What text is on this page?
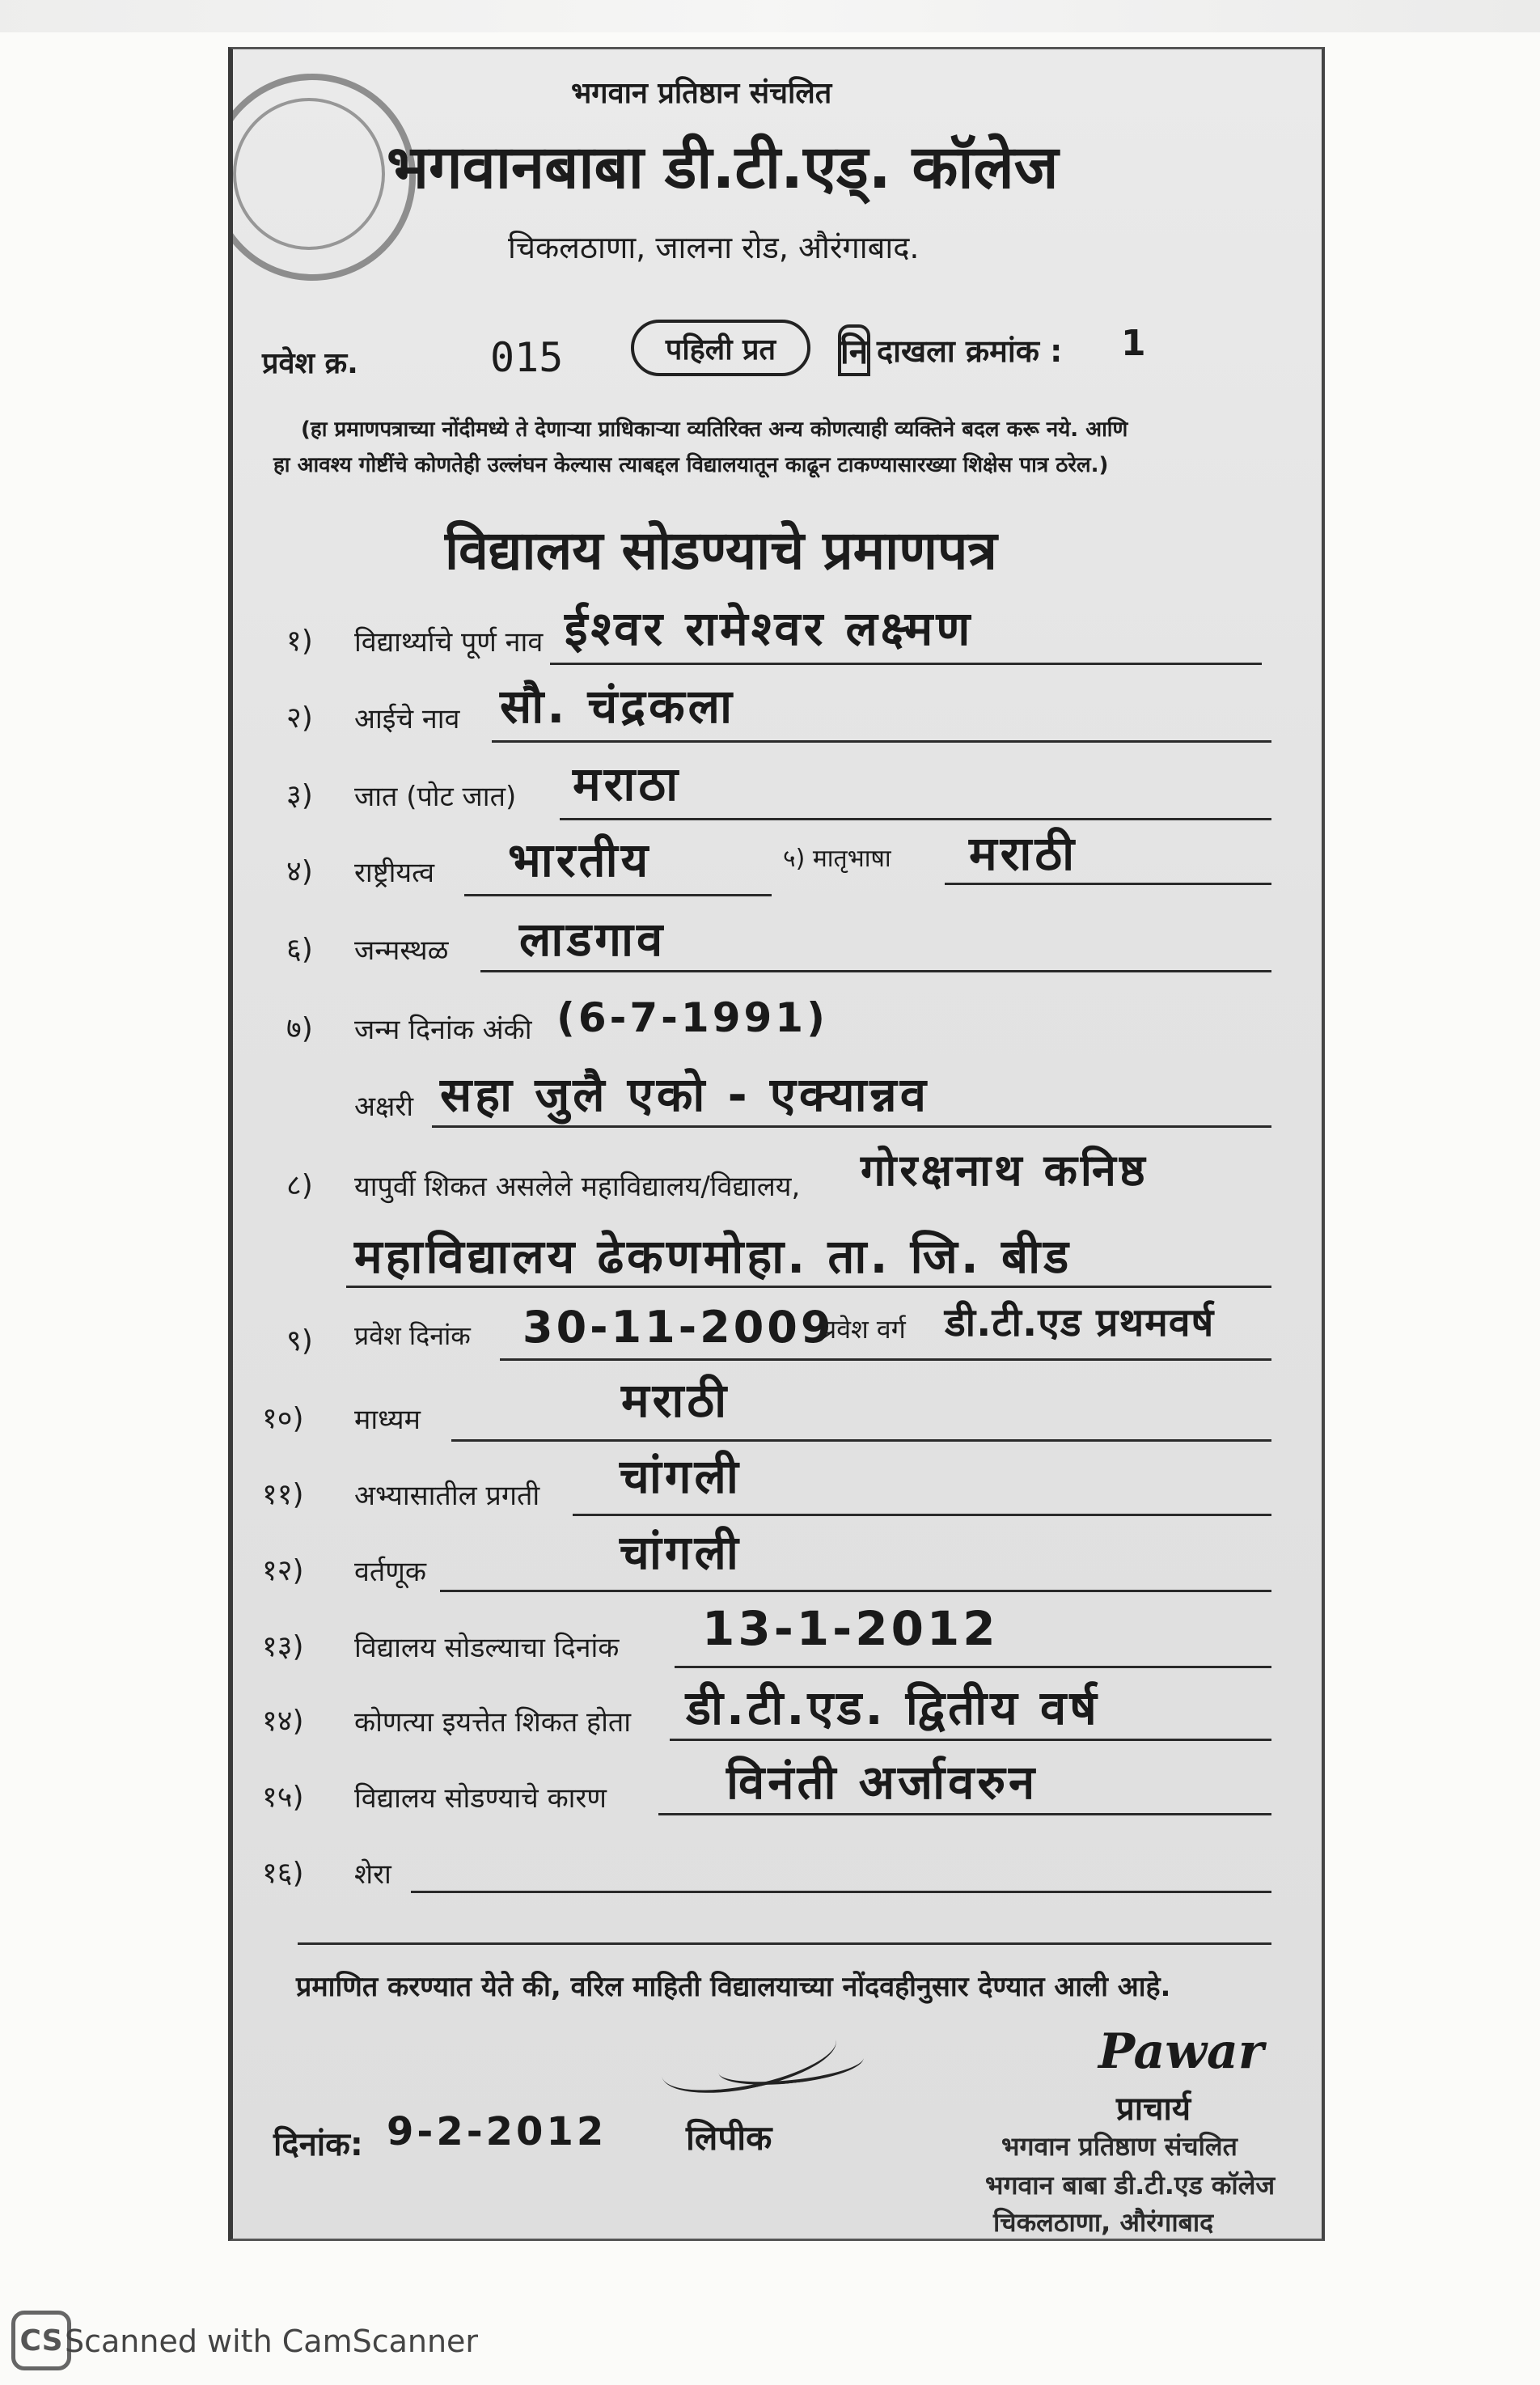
भगवान प्रतिष्ठान संचलित
भगवानबाबा डी.टी.एड्. कॉलेज
चिकलठाणा, जालना रोड, औरंगाबाद.
प्रवेश क्र.	015	पहिली प्रत	नि दाखला क्रमांक : 1
(हा प्रमाणपत्राच्या नोंदीमध्ये ते देणाऱ्या प्राधिकाऱ्या व्यतिरिक्त अन्य कोणत्याही व्यक्तिने बदल करू नये. आणि
हा आवश्य गोष्टींचे कोणतेही उल्लंघन केल्यास त्याबद्दल विद्यालयातून काढून टाकण्यासारख्या शिक्षेस पात्र ठरेल.)
विद्यालय सोडण्याचे प्रमाणपत्र
१) विद्यार्थ्याचे पूर्ण नाव ईश्वर रामेश्वर लक्ष्मण
२) आईचे नाव सौ. चंद्रकला
३) जात (पोट जात) मराठा
४) राष्ट्रीयत्व भारतीय	५) मातृभाषा मराठी
६) जन्मस्थळ लाडगाव
७) जन्म दिनांक अंकी (6-7-1991)
अक्षरी सहा जुलै एको - एक्यान्नव
८) यापुर्वी शिकत असलेले महाविद्यालय/विद्यालय, गोरक्षनाथ कनिष्ठ
महाविद्यालय ढेकणमोहा. ता. जि. बीड
९) प्रवेश दिनांक 30-11-2009
प्रवेश वर्ग डी.टी.एड प्रथमवर्ष
१०) माध्यम	मराठी
११) अभ्यासातील प्रगती चांगली
१२) वर्तणूक	चांगली
१३) विद्यालय सोडल्याचा दिनांक 13-1-2012
१४) कोणत्या इयत्तेत शिकत होता डी.टी.एड. द्वितीय वर्ष
१५) विद्यालय सोडण्याचे कारण	विनंती अर्जावरुन
१६) शेरा
प्रमाणित करण्यात येते की, वरिल माहिती विद्यालयाच्या नोंदवहीनुसार देण्यात आली आहे.
Pawar
दिनांक: 9-2-2012 लिपीक
प्राचार्य
भगवान प्रतिष्ठाण संचलित
भगवान बाबा डी.टी.एड कॉलेज
चिकलठाणा, औरंगाबाद
CS Scanned with CamScanner
